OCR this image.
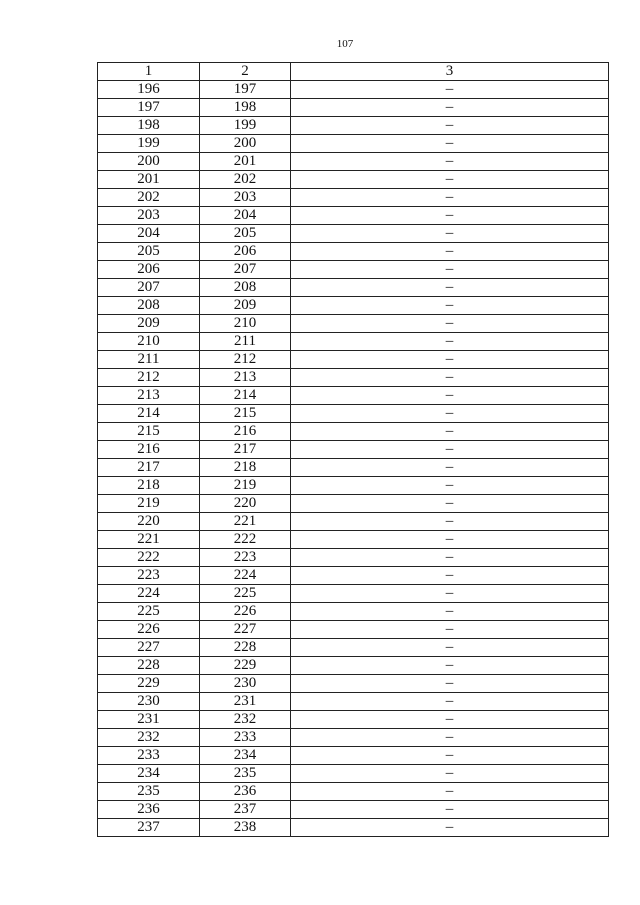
107
1	2	3
196	197	–
197	198	–
198	199	–
199	200	–
200	201	–
201	202	–
202	203	–
203	204	–
204	205	–
205	206	–
206	207	–
207	208	–
208	209	–
209	210	–
210	211	–
211	212	–
212	213	–
213	214	–
214	215	–
215	216	–
216	217	–
217	218	–
218	219	–
219	220	–
220	221	–
221	222	–
222	223	–
223	224	–
224	225	–
225	226	–
226	227	–
227	228	–
228	229	–
229	230	–
230	231	–
231	232	–
232	233	–
233	234	–
234	235	–
235	236	–
236	237	–
237	238	–
